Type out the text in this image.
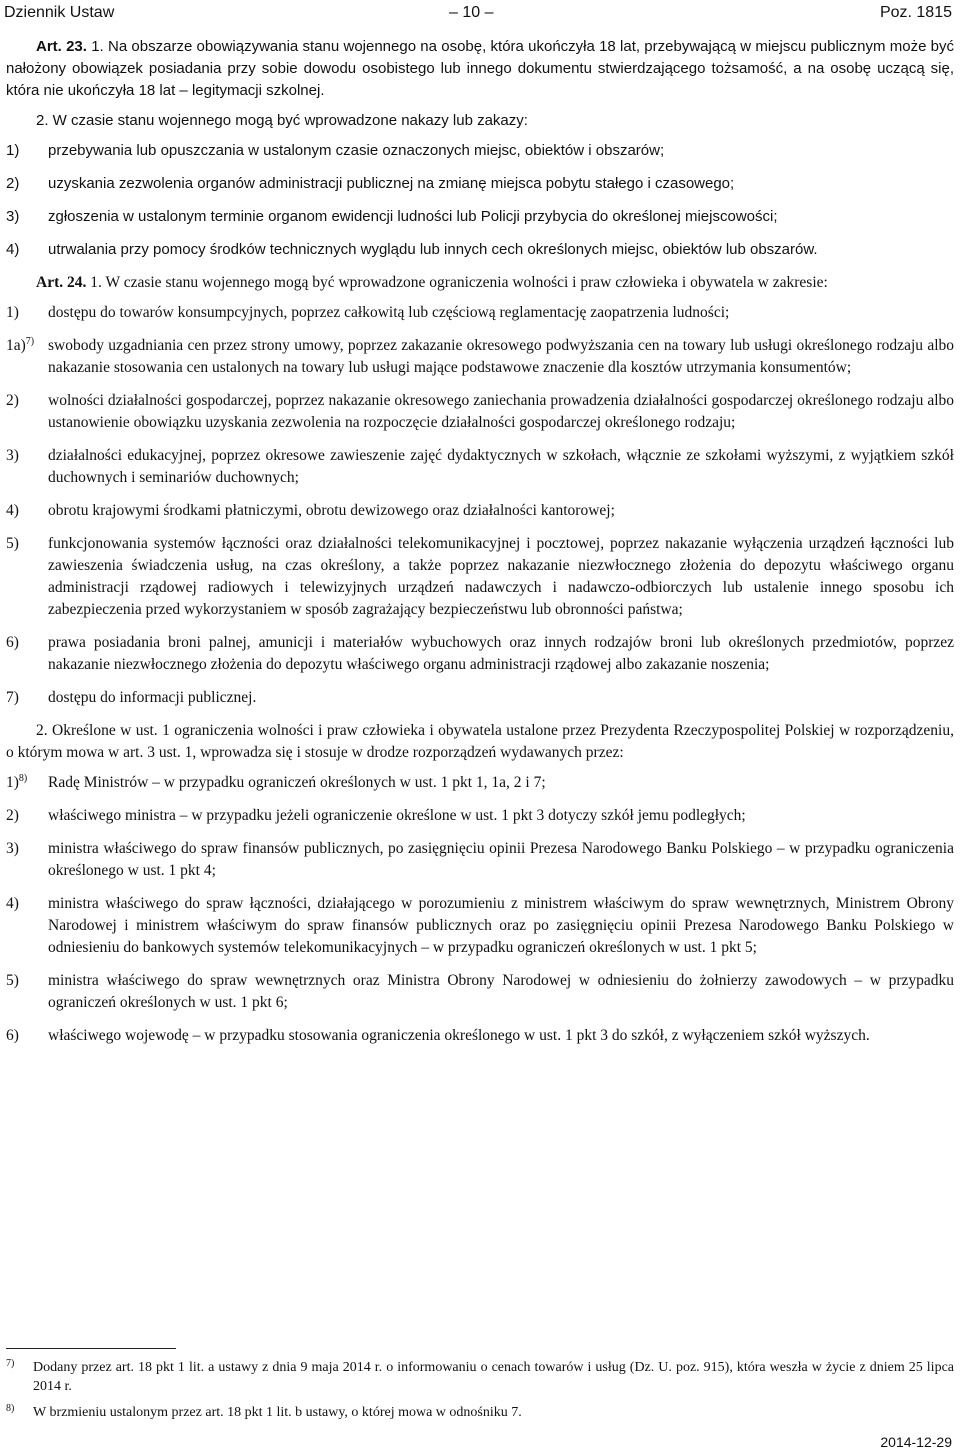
Dziennik Ustaw	– 10 –	Poz. 1815

Art. 23. 1. Na obszarze obowiązywania stanu wojennego na osobę, która ukończyła 18 lat, przebywającą w miejscu publicznym może być nałożony obowiązek posiadania przy sobie dowodu osobistego lub innego dokumentu stwierdzającego tożsamość, a na osobę uczącą się, która nie ukończyła 18 lat – legitymacji szkolnej.

2. W czasie stanu wojennego mogą być wprowadzone nakazy lub zakazy:

1) przebywania lub opuszczania w ustalonym czasie oznaczonych miejsc, obiektów i obszarów;
2) uzyskania zezwolenia organów administracji publicznej na zmianę miejsca pobytu stałego i czasowego;
3) zgłoszenia w ustalonym terminie organom ewidencji ludności lub Policji przybycia do określonej miejscowości;
4) utrwalania przy pomocy środków technicznych wyglądu lub innych cech określonych miejsc, obiektów lub obszarów.

Art. 24. 1. W czasie stanu wojennego mogą być wprowadzone ograniczenia wolności i praw człowieka i obywatela w zakresie:

1) dostępu do towarów konsumpcyjnych, poprzez całkowitą lub częściową reglamentację zaopatrzenia ludności;
1a)$^{7)}$ swobody uzgadniania cen przez strony umowy, poprzez zakazanie okresowego podwyższania cen na towary lub usługi określonego rodzaju albo nakazanie stosowania cen ustalonych na towary lub usługi mające podstawowe znaczenie dla kosztów utrzymania konsumentów;
2) wolności działalności gospodarczej, poprzez nakazanie okresowego zaniechania prowadzenia działalności gospodarczej określonego rodzaju albo ustanowienie obowiązku uzyskania zezwolenia na rozpoczęcie działalności gospodarczej określonego rodzaju;
3) działalności edukacyjnej, poprzez okresowe zawieszenie zajęć dydaktycznych w szkołach, włącznie ze szkołami wyższymi, z wyjątkiem szkół duchownych i seminariów duchownych;
4) obrotu krajowymi środkami płatniczymi, obrotu dewizowego oraz działalności kantorowej;
5) funkcjonowania systemów łączności oraz działalności telekomunikacyjnej i pocztowej, poprzez nakazanie wyłączenia urządzeń łączności lub zawieszenia świadczenia usług, na czas określony, a także poprzez nakazanie niezwłocznego złożenia do depozytu właściwego organu administracji rządowej radiowych i telewizyjnych urządzeń nadawczych i nadawczo-odbiorczych lub ustalenie innego sposobu ich zabezpieczenia przed wykorzystaniem w sposób zagrażający bezpieczeństwu lub obronności państwa;
6) prawa posiadania broni palnej, amunicji i materiałów wybuchowych oraz innych rodzajów broni lub określonych przedmiotów, poprzez nakazanie niezwłocznego złożenia do depozytu właściwego organu administracji rządowej albo zakazanie noszenia;
7) dostępu do informacji publicznej.

2. Określone w ust. 1 ograniczenia wolności i praw człowieka i obywatela ustalone przez Prezydenta Rzeczypospolitej Polskiej w rozporządzeniu, o którym mowa w art. 3 ust. 1, wprowadza się i stosuje w drodze rozporządzeń wydawanych przez:

1)$^{8)}$ Radę Ministrów – w przypadku ograniczeń określonych w ust. 1 pkt 1, 1a, 2 i 7;
2) właściwego ministra – w przypadku jeżeli ograniczenie określone w ust. 1 pkt 3 dotyczy szkół jemu podległych;
3) ministra właściwego do spraw finansów publicznych, po zasięgnięciu opinii Prezesa Narodowego Banku Polskiego – w przypadku ograniczenia określonego w ust. 1 pkt 4;
4) ministra właściwego do spraw łączności, działającego w porozumieniu z ministrem właściwym do spraw wewnętrznych, Ministrem Obrony Narodowej i ministrem właściwym do spraw finansów publicznych oraz po zasięgnięciu opinii Prezesa Narodowego Banku Polskiego w odniesieniu do bankowych systemów telekomunikacyjnych – w przypadku ograniczeń określonych w ust. 1 pkt 5;
5) ministra właściwego do spraw wewnętrznych oraz Ministra Obrony Narodowej w odniesieniu do żołnierzy zawodowych – w przypadku ograniczeń określonych w ust. 1 pkt 6;
6) właściwego wojewodę – w przypadku stosowania ograniczenia określonego w ust. 1 pkt 3 do szkół, z wyłączeniem szkół wyższych.
7)	Dodany przez art. 18 pkt 1 lit. a ustawy z dnia 9 maja 2014 r. o informowaniu o cenach towarów i usług (Dz. U. poz. 915), która weszła w życie z dniem 25 lipca 2014 r.
8)	W brzmieniu ustalonym przez art. 18 pkt 1 lit. b ustawy, o której mowa w odnośniku 7.
2014-12-29
